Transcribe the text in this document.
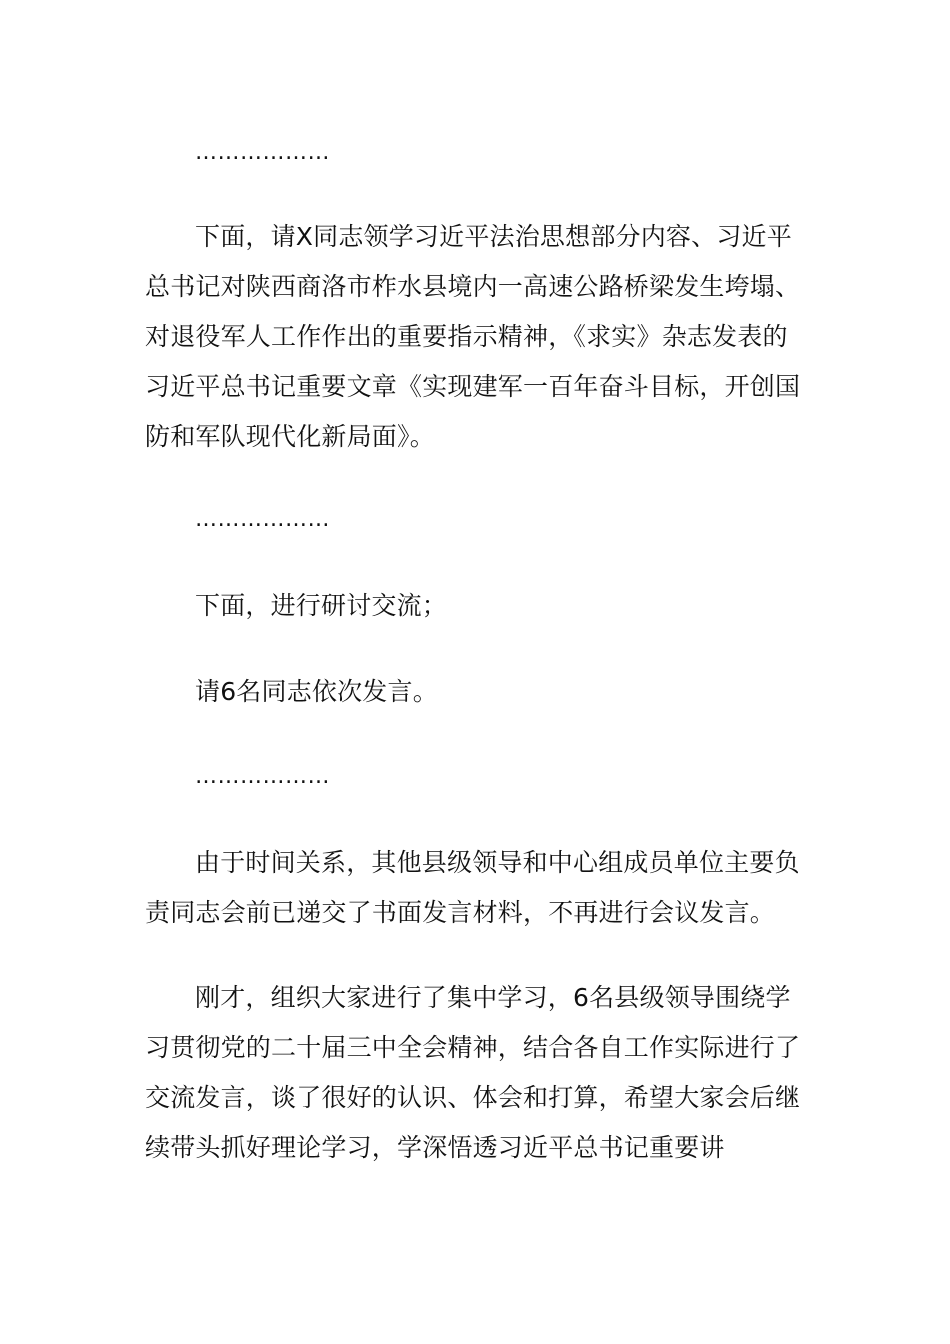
………………

下面，请X同志领学习近平法治思想部分内容、习近平总书记对陕西商洛市柞水县境内一高速公路桥梁发生垮塌、对退役军人工作作出的重要指示精神，《求实》杂志发表的习近平总书记重要文章《实现建军一百年奋斗目标，开创国防和军队现代化新局面》。

………………

下面，进行研讨交流；

请6名同志依次发言。

………………

由于时间关系，其他县级领导和中心组成员单位主要负责同志会前已递交了书面发言材料，不再进行会议发言。

刚才，组织大家进行了集中学习，6名县级领导围绕学习贯彻党的二十届三中全会精神，结合各自工作实际进行了交流发言，谈了很好的认识、体会和打算，希望大家会后继续带头抓好理论学习，学深悟透习近平总书记重要讲
